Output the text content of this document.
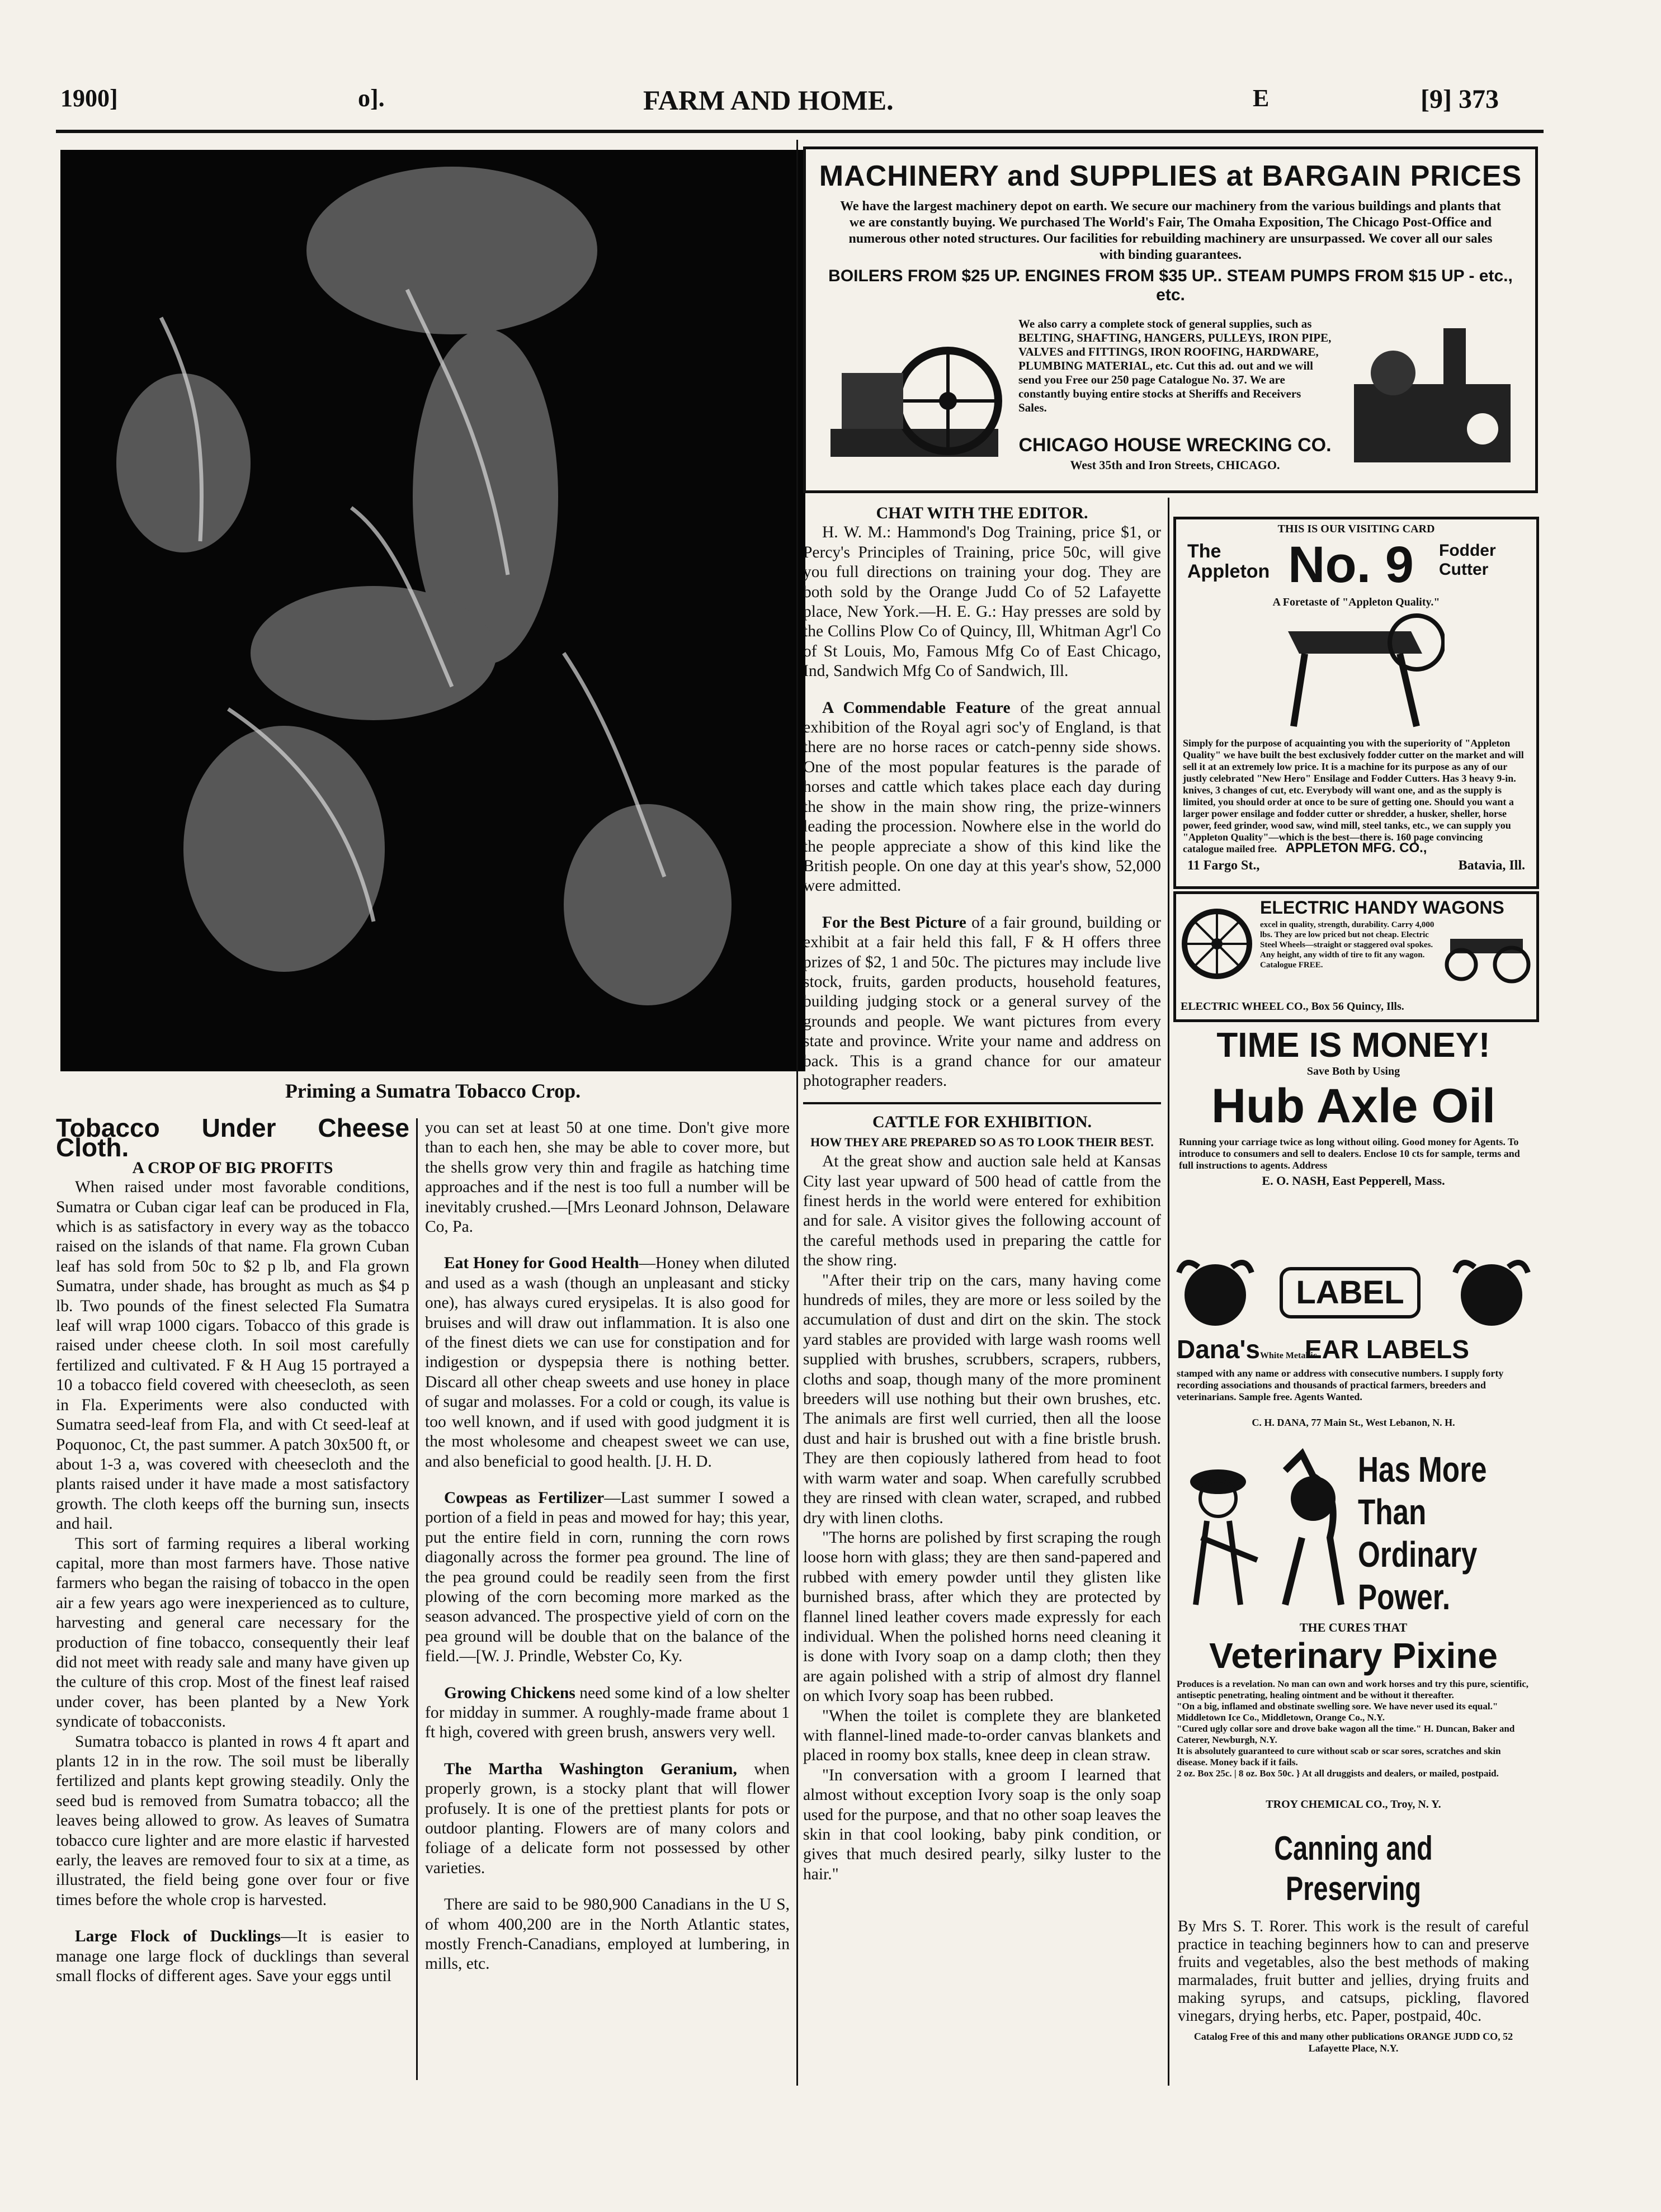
1900]	o].	FARM AND HOME.	E	[9] 373
Priming a Sumatra Tobacco Crop.

Tobacco Under Cheese Cloth.

A CROP OF BIG PROFITS

When raised under most favorable conditions, Sumatra or Cuban cigar leaf can be produced in Fla, which is as satisfactory in every way as the tobacco raised on the islands of that name. Fla grown Cuban leaf has sold from 50c to $2 p lb, and Fla grown Sumatra, under shade, has brought as much as $4 p lb. Two pounds of the finest selected Fla Sumatra leaf will wrap 1000 cigars. Tobacco of this grade is raised under cheese cloth. In soil most carefully fertilized and cultivated. F & H Aug 15 portrayed a 10 a tobacco field covered with cheesecloth, as seen in Fla. Experiments were also conducted with Sumatra seed-leaf from Fla, and with Ct seed-leaf at Poquonoc, Ct, the past summer. A patch 30x500 ft, or about 1-3 a, was covered with cheesecloth and the plants raised under it have made a most satisfactory growth. The cloth keeps off the burning sun, insects and hail.

This sort of farming requires a liberal working capital, more than most farmers have. Those native farmers who began the raising of tobacco in the open air a few years ago were inexperienced as to culture, harvesting and general care necessary for the production of fine tobacco, consequently their leaf did not meet with ready sale and many have given up the culture of this crop. Most of the finest leaf raised under cover, has been planted by a New York syndicate of tobacconists.

Sumatra tobacco is planted in rows 4 ft apart and plants 12 in in the row. The soil must be liberally fertilized and plants kept growing steadily. Only the seed bud is removed from Sumatra tobacco; all the leaves being allowed to grow. As leaves of Sumatra tobacco cure lighter and are more elastic if harvested early, the leaves are removed four to six at a time, as illustrated, the field being gone over four or five times before the whole crop is harvested.

Large Flock of Ducklings—It is easier to manage one large flock of ducklings than several small flocks of different ages. Save your eggs until

you can set at least 50 at one time. Don't give more than to each hen, she may be able to cover more, but the shells grow very thin and fragile as hatching time approaches and if the nest is too full a number will be inevitably crushed.—[Mrs Leonard Johnson, Delaware Co, Pa.

Eat Honey for Good Health—Honey when diluted and used as a wash (though an unpleasant and sticky one), has always cured erysipelas. It is also good for bruises and will draw out inflammation. It is also one of the finest diets we can use for constipation and for indigestion or dyspepsia there is nothing better. Discard all other cheap sweets and use honey in place of sugar and molasses. For a cold or cough, its value is too well known, and if used with good judgment it is the most wholesome and cheapest sweet we can use, and also beneficial to good health. [J. H. D.

Cowpeas as Fertilizer—Last summer I sowed a portion of a field in peas and mowed for hay; this year, put the entire field in corn, running the corn rows diagonally across the former pea ground. The line of the pea ground could be readily seen from the first plowing of the corn becoming more marked as the season advanced. The prospective yield of corn on the pea ground will be double that on the balance of the field.—[W. J. Prindle, Webster Co, Ky.

Growing Chickens need some kind of a low shelter for midday in summer. A roughly-made frame about 1 ft high, covered with green brush, answers very well.

The Martha Washington Geranium, when properly grown, is a stocky plant that will flower profusely. It is one of the prettiest plants for pots or outdoor planting. Flowers are of many colors and foliage of a delicate form not possessed by other varieties.

There are said to be 980,900 Canadians in the U S, of whom 400,200 are in the North Atlantic states, mostly French-Canadians, employed at lumbering, in mills, etc.

MACHINERY and SUPPLIES at BARGAIN PRICES
We have the largest machinery depot on earth. We secure our machinery from the various buildings and plants that we are constantly buying. We purchased The World's Fair, The Omaha Exposition, The Chicago Post-Office and numerous other noted structures. Our facilities for rebuilding machinery are unsurpassed. We cover all our sales with binding guarantees.
BOILERS FROM $25 UP. ENGINES FROM $35 UP.. STEAM PUMPS FROM $15 UP - etc., etc.
We also carry a complete stock of general supplies, such as BELTING, SHAFTING, HANGERS, PULLEYS, IRON PIPE, VALVES and FITTINGS, IRON ROOFING, HARDWARE, PLUMBING MATERIAL, etc. Cut this ad. out and we will send you Free our 250 page Catalogue No. 37. We are constantly buying entire stocks at Sheriffs and Receivers Sales.
CHICAGO HOUSE WRECKING CO.
West 35th and Iron Streets, CHICAGO.

CHAT WITH THE EDITOR.

H. W. M.: Hammond's Dog Training, price $1, or Percy's Principles of Training, price 50c, will give you full directions on training your dog. They are both sold by the Orange Judd Co of 52 Lafayette place, New York.—H. E. G.: Hay presses are sold by the Collins Plow Co of Quincy, Ill, Whitman Agr'l Co of St Louis, Mo, Famous Mfg Co of East Chicago, Ind, Sandwich Mfg Co of Sandwich, Ill.

A Commendable Feature of the great annual exhibition of the Royal agri soc'y of England, is that there are no horse races or catch-penny side shows. One of the most popular features is the parade of horses and cattle which takes place each day during the show in the main show ring, the prize-winners leading the procession. Nowhere else in the world do the people appreciate a show of this kind like the British people. On one day at this year's show, 52,000 were admitted.

For the Best Picture of a fair ground, building or exhibit at a fair held this fall, F & H offers three prizes of $2, 1 and 50c. The pictures may include live stock, fruits, garden products, household features, building judging stock or a general survey of the grounds and people. We want pictures from every state and province. Write your name and address on back. This is a grand chance for our amateur photographer readers.

CATTLE FOR EXHIBITION.

HOW THEY ARE PREPARED SO AS TO LOOK THEIR BEST.

At the great show and auction sale held at Kansas City last year upward of 500 head of cattle from the finest herds in the world were entered for exhibition and for sale. A visitor gives the following account of the careful methods used in preparing the cattle for the show ring.

"After their trip on the cars, many having come hundreds of miles, they are more or less soiled by the accumulation of dust and dirt on the skin. The stock yard stables are provided with large wash rooms well supplied with brushes, scrubbers, scrapers, rubbers, cloths and soap, though many of the more prominent breeders will use nothing but their own brushes, etc. The animals are first well curried, then all the loose dust and hair is brushed out with a fine bristle brush. They are then copiously lathered from head to foot with warm water and soap. When carefully scrubbed they are rinsed with clean water, scraped, and rubbed dry with linen cloths.

"The horns are polished by first scraping the rough loose horn with glass; they are then sand-papered and rubbed with emery powder until they glisten like burnished brass, after which they are protected by flannel lined leather covers made expressly for each individual. When the polished horns need cleaning it is done with Ivory soap on a damp cloth; then they are again polished with a strip of almost dry flannel on which Ivory soap has been rubbed.

"When the toilet is complete they are blanketed with flannel-lined made-to-order canvas blankets and placed in roomy box stalls, knee deep in clean straw.

"In conversation with a groom I learned that almost without exception Ivory soap is the only soap used for the purpose, and that no other soap leaves the skin in that cool looking, baby pink condition, or gives that much desired pearly, silky luster to the hair."

THIS IS OUR VISITING CARD
The Appleton No. 9 Fodder Cutter
A Foretaste of "Appleton Quality."
Simply for the purpose of acquainting you with the superiority of "Appleton Quality" we have built the best exclusively fodder cutter on the market and will sell it at an extremely low price. It is a machine for its purpose as any of our justly celebrated "New Hero" Ensilage and Fodder Cutters. Has 3 heavy 9-in. knives, 3 changes of cut, etc. Everybody will want one, and as the supply is limited, you should order at once to be sure of getting one. Should you want a larger power ensilage and fodder cutter or shredder, a husker, sheller, horse power, feed grinder, wood saw, wind mill, steel tanks, etc., we can supply you "Appleton Quality"—which is the best—there is. 160 page convincing catalogue mailed free. APPLETON MFG. CO.,
11 Fargo St.,	Batavia, Ill.
ELECTRIC HANDY WAGONS
excel in quality, strength, durability. Carry 4,000 lbs. They are low priced but not cheap. Electric Steel Wheels—straight or staggered oval spokes. Any height, any width of tire to fit any wagon. Catalogue FREE.
ELECTRIC WHEEL CO., Box 56 Quincy, Ills.
TIME IS MONEY!
Save Both by Using
Hub Axle Oil
Running your carriage twice as long without oiling. Good money for Agents. To introduce to consumers and sell to dealers. Enclose 10 cts for sample, terms and full instructions to agents. Address
E. O. NASH, East Pepperell, Mass.
LABEL
Dana'sWhite MetallicEAR LABELS
stamped with any name or address with consecutive numbers. I supply forty recording associations and thousands of practical farmers, breeders and veterinarians. Sample free. Agents Wanted.
C. H. DANA, 77 Main St., West Lebanon, N. H.
Has More Than Ordinary Power.
THE CURES THAT
Veterinary Pixine
Produces is a revelation. No man can own and work horses and try this pure, scientific, antiseptic penetrating, healing ointment and be without it thereafter.
"On a big, inflamed and obstinate swelling sore. We have never used its equal." Middletown Ice Co., Middletown, Orange Co., N.Y.
"Cured ugly collar sore and drove bake wagon all the time." H. Duncan, Baker and Caterer, Newburgh, N.Y.
It is absolutely guaranteed to cure without scab or scar sores, scratches and skin disease. Money back if it fails.
2 oz. Box 25c. | 8 oz. Box 50c. } At all druggists and dealers, or mailed, postpaid.
TROY CHEMICAL CO., Troy, N. Y.
Canning and Preserving
By Mrs S. T. Rorer. This work is the result of careful practice in teaching beginners how to can and preserve fruits and vegetables, also the best methods of making marmalades, fruit butter and jellies, drying fruits and making syrups, and catsups, pickling, flavored vinegars, drying herbs, etc. Paper, postpaid, 40c.
Catalog Free of this and many other publications ORANGE JUDD CO, 52 Lafayette Place, N.Y.
